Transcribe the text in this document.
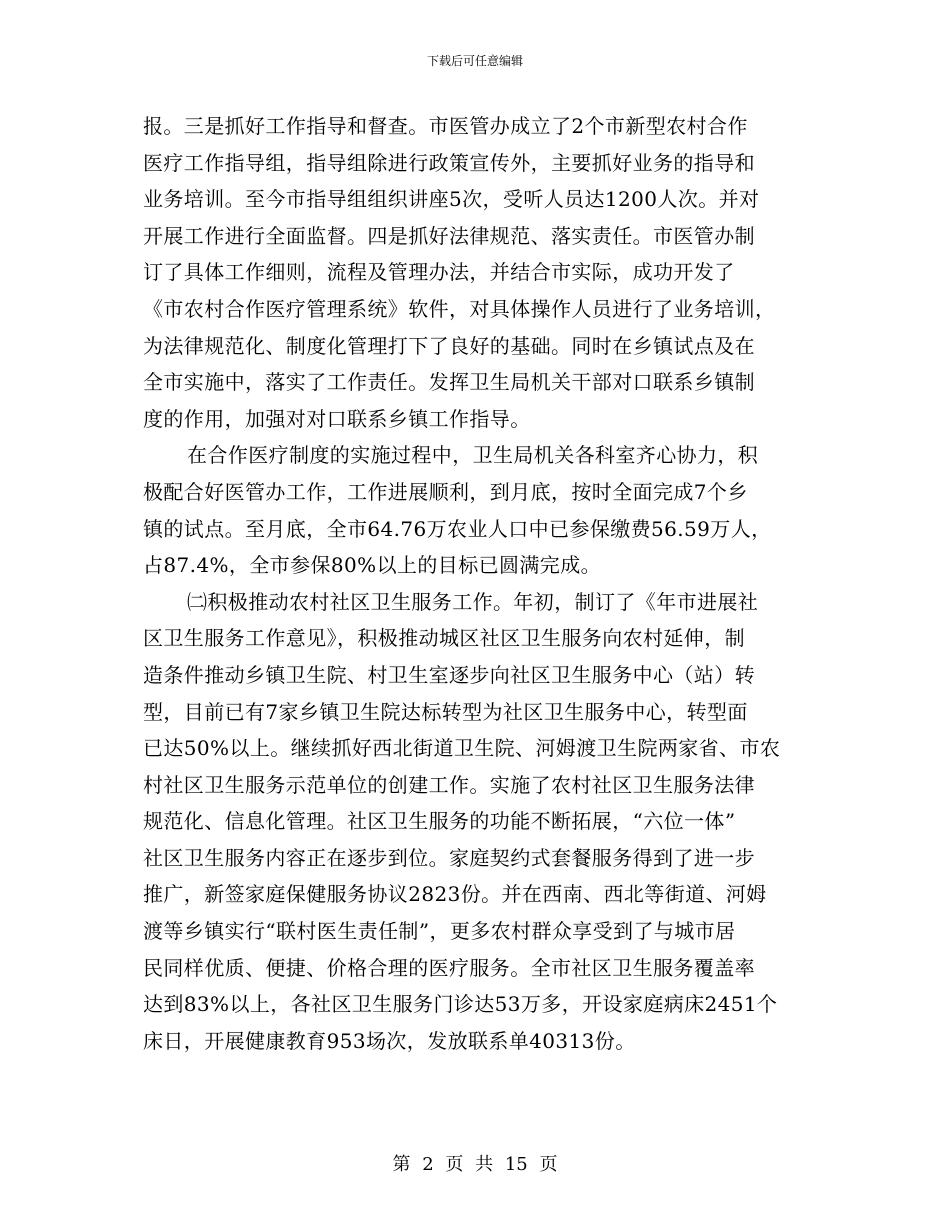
下载后可任意编辑
报。三是抓好工作指导和督查。市医管办成立了2个市新型农村合作
医疗工作指导组，指导组除进行政策宣传外，主要抓好业务的指导和
业务培训。至今市指导组组织讲座5次，受听人员达1200人次。并对
开展工作进行全面监督。四是抓好法律规范、落实责任。市医管办制
订了具体工作细则，流程及管理办法，并结合市实际，成功开发了
《市农村合作医疗管理系统》软件，对具体操作人员进行了业务培训，
为法律规范化、制度化管理打下了良好的基础。同时在乡镇试点及在
全市实施中，落实了工作责任。发挥卫生局机关干部对口联系乡镇制
度的作用，加强对对口联系乡镇工作指导。
在合作医疗制度的实施过程中，卫生局机关各科室齐心协力，积
极配合好医管办工作，工作进展顺利，到月底，按时全面完成7个乡
镇的试点。至月底，全市64.76万农业人口中已参保缴费56.59万人，
占87.4%，全市参保80%以上的目标已圆满完成。
㈡积极推动农村社区卫生服务工作。年初，制订了《年市进展社
区卫生服务工作意见》，积极推动城区社区卫生服务向农村延伸，制
造条件推动乡镇卫生院、村卫生室逐步向社区卫生服务中心（站）转
型，目前已有7家乡镇卫生院达标转型为社区卫生服务中心，转型面
已达50%以上。继续抓好西北街道卫生院、河姆渡卫生院两家省、市农
村社区卫生服务示范单位的创建工作。实施了农村社区卫生服务法律
规范化、信息化管理。社区卫生服务的功能不断拓展，“六位一体”
社区卫生服务内容正在逐步到位。家庭契约式套餐服务得到了进一步
推广，新签家庭保健服务协议2823份。并在西南、西北等街道、河姆
渡等乡镇实行“联村医生责任制”，更多农村群众享受到了与城市居
民同样优质、便捷、价格合理的医疗服务。全市社区卫生服务覆盖率
达到83%以上，各社区卫生服务门诊达53万多，开设家庭病床2451个
床日，开展健康教育953场次，发放联系单40313份。
第 2 页 共 15 页
